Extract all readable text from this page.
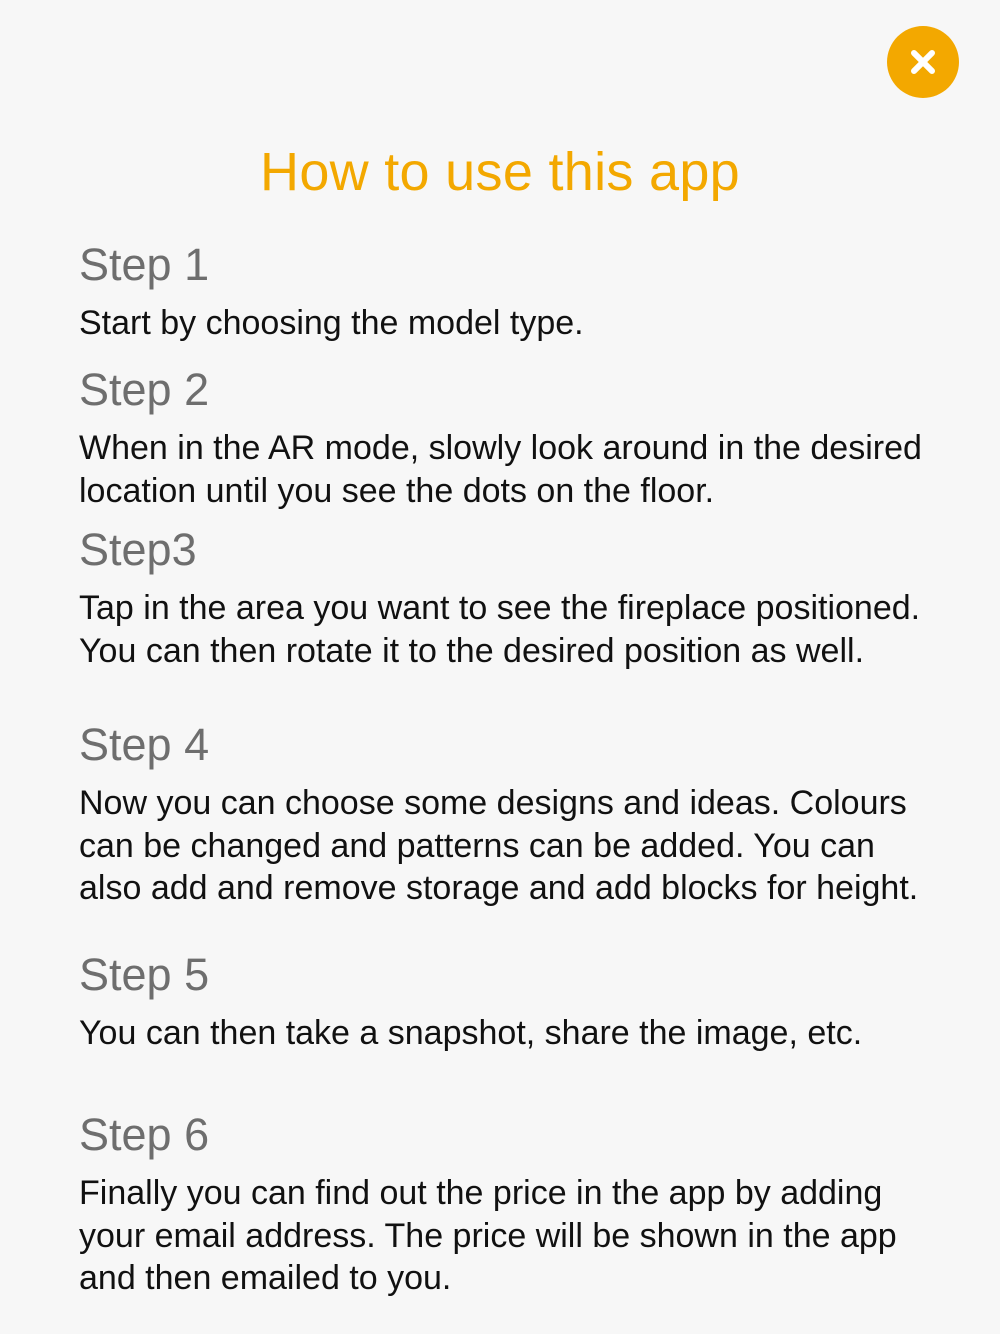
How to use this app
Step 1

Start by choosing the model type.

Step 2

When in the AR mode, slowly look around in the desired location until you see the dots on the floor.

Step3

Tap in the area you want to see the fireplace positioned. You can then rotate it to the desired position as well.

Step 4

Now you can choose some designs and ideas. Colours can be changed and patterns can be added. You can also add and remove storage and add blocks for height.

Step 5

You can then take a snapshot, share the image, etc.

Step 6

Finally you can find out the price in the app by adding your email address. The price will be shown in the app and then emailed to you.
